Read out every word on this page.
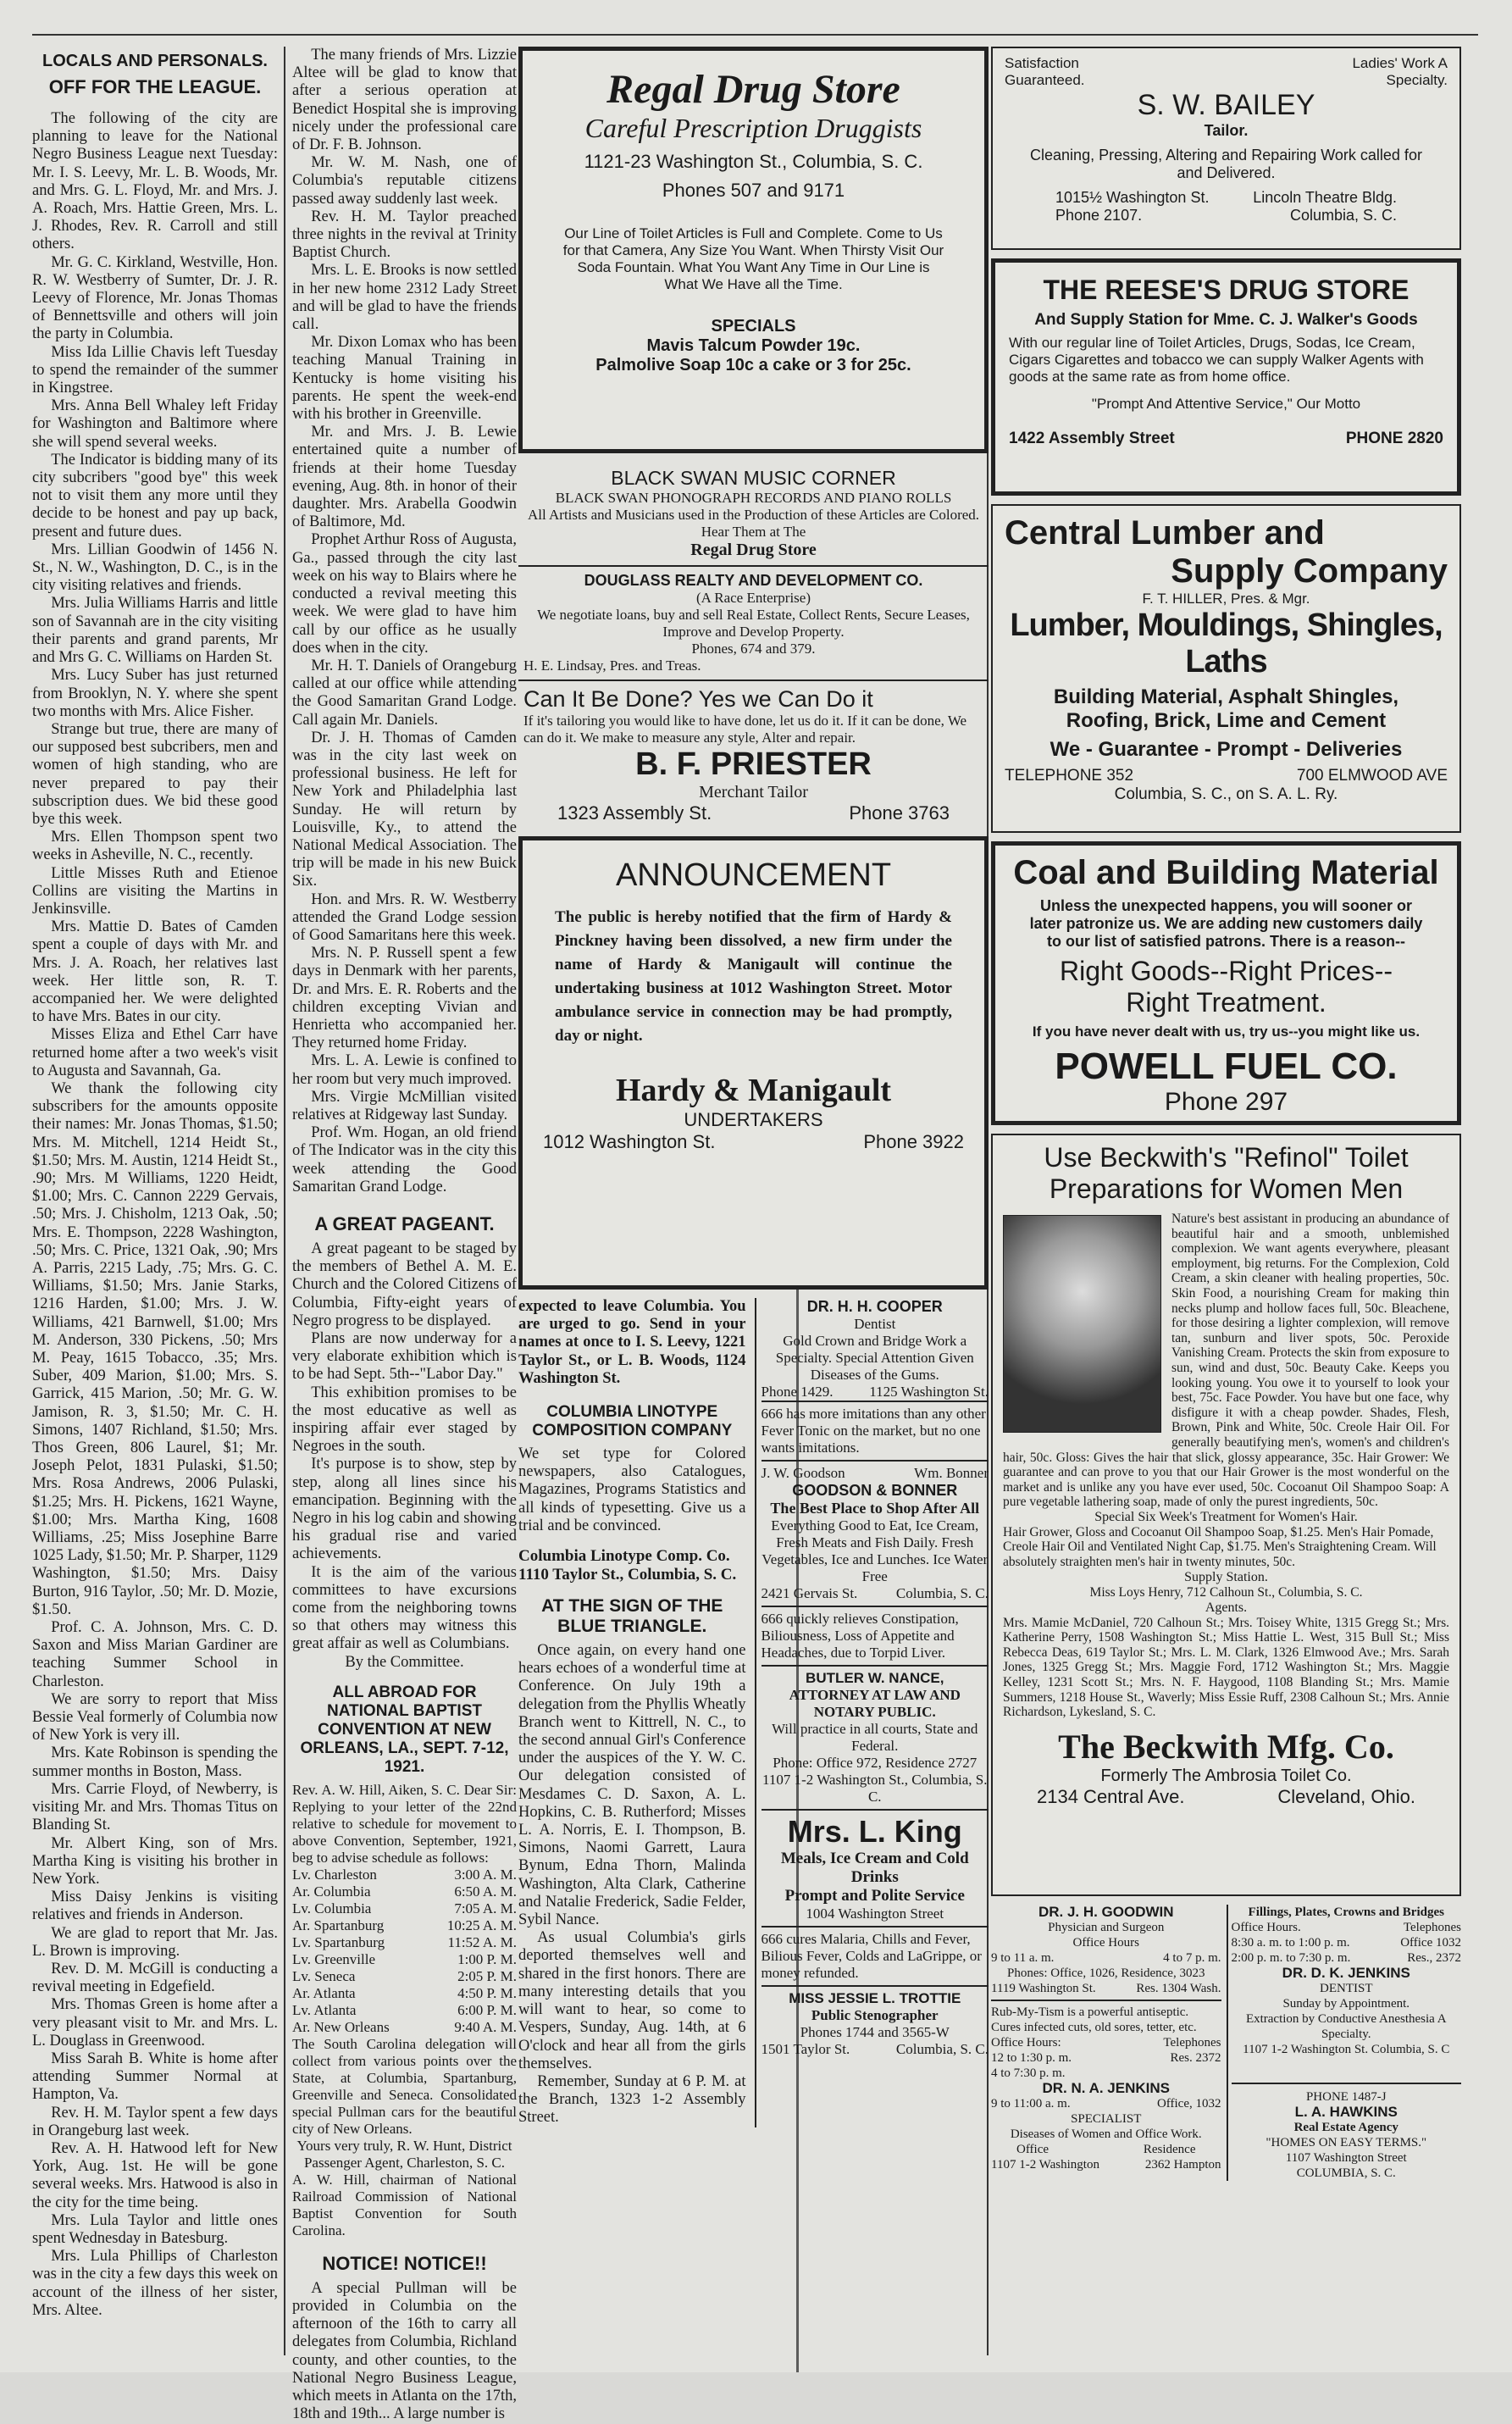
LOCALS AND PERSONALS.
OFF FOR THE LEAGUE.

The following of the city are planning to leave for the National Negro Business League next Tuesday: Mr. I. S. Leevy, Mr. L. B. Woods, Mr. and Mrs. G. L. Floyd, Mr. and Mrs. J. A. Roach, Mrs. Hattie Green, Mrs. L. J. Rhodes, Rev. R. Carroll and still others.

Mr. G. C. Kirkland, Westville, Hon. R. W. Westberry of Sumter, Dr. J. R. Leevy of Florence, Mr. Jonas Thomas of Bennettsville and others will join the party in Columbia.

Miss Ida Lillie Chavis left Tuesday to spend the remainder of the summer in Kingstree.

Mrs. Anna Bell Whaley left Friday for Washington and Baltimore where she will spend several weeks.

The Indicator is bidding many of its city subcribers "good bye" this week not to visit them any more until they decide to be honest and pay up back, present and future dues.

Mrs. Lillian Goodwin of 1456 N. St., N. W., Washington, D. C., is in the city visiting relatives and friends.

Mrs. Julia Williams Harris and little son of Savannah are in the city visiting their parents and grand parents, Mr and Mrs G. C. Williams on Harden St.

Mrs. Lucy Suber has just returned from Brooklyn, N. Y. where she spent two months with Mrs. Alice Fisher.

Strange but true, there are many of our supposed best subcribers, men and women of high standing, who are never prepared to pay their subscription dues. We bid these good bye this week.

Mrs. Ellen Thompson spent two weeks in Asheville, N. C., recently.

Little Misses Ruth and Etienoe Collins are visiting the Martins in Jenkinsville.

Mrs. Mattie D. Bates of Camden spent a couple of days with Mr. and Mrs. J. A. Roach, her relatives last week. Her little son, R. T. accompanied her. We were delighted to have Mrs. Bates in our city.

Misses Eliza and Ethel Carr have returned home after a two week's visit to Augusta and Savannah, Ga.

We thank the following city subscribers for the amounts opposite their names: Mr. Jonas Thomas, $1.50; Mrs. M. Mitchell, 1214 Heidt St., $1.50; Mrs. M. Austin, 1214 Heidt St., .90; Mrs. M Williams, 1220 Heidt, $1.00; Mrs. C. Cannon 2229 Gervais, .50; Mrs. J. Chisholm, 1213 Oak, .50; Mrs. E. Thompson, 2228 Washington, .50; Mrs. C. Price, 1321 Oak, .90; Mrs A. Parris, 2215 Lady, .75; Mrs. G. C. Williams, $1.50; Mrs. Janie Starks, 1216 Harden, $1.00; Mrs. J. W. Williams, 421 Barnwell, $1.00; Mrs M. Anderson, 330 Pickens, .50; Mrs M. Peay, 1615 Tobacco, .35; Mrs. Suber, 409 Marion, $1.00; Mrs. S. Garrick, 415 Marion, .50; Mr. G. W. Jamison, R. 3, $1.50; Mr. C. H. Simons, 1407 Richland, $1.50; Mrs. Thos Green, 806 Laurel, $1; Mr. Joseph Pelot, 1831 Pulaski, $1.50; Mrs. Rosa Andrews, 2006 Pulaski, $1.25; Mrs. H. Pickens, 1621 Wayne, $1.00; Mrs. Martha King, 1608 Williams, .25; Miss Josephine Barre 1025 Lady, $1.50; Mr. P. Sharper, 1129 Washington, $1.50; Mrs. Daisy Burton, 916 Taylor, .50; Mr. D. Mozie, $1.50.

Prof. C. A. Johnson, Mrs. C. D. Saxon and Miss Marian Gardiner are teaching Summer School in Charleston.

We are sorry to report that Miss Bessie Veal formerly of Columbia now of New York is very ill.

Mrs. Kate Robinson is spending the summer months in Boston, Mass.

Mrs. Carrie Floyd, of Newberry, is visiting Mr. and Mrs. Thomas Titus on Blanding St.

Mr. Albert King, son of Mrs. Martha King is visiting his brother in New York.

Miss Daisy Jenkins is visiting relatives and friends in Anderson.

We are glad to report that Mr. Jas. L. Brown is improving.

Rev. D. M. McGill is conducting a revival meeting in Edgefield.

Mrs. Thomas Green is home after a very pleasant visit to Mr. and Mrs. L. L. Douglass in Greenwood.

Miss Sarah B. White is home after attending Summer Normal at Hampton, Va.

Rev. H. M. Taylor spent a few days in Orangeburg last week.

Rev. A. H. Hatwood left for New York, Aug. 1st. He will be gone several weeks. Mrs. Hatwood is also in the city for the time being.

Mrs. Lula Taylor and little ones spent Wednesday in Batesburg.

Mrs. Lula Phillips of Charleston was in the city a few days this week on account of the illness of her sister, Mrs. Altee.

The many friends of Mrs. Lizzie Altee will be glad to know that after a serious operation at Benedict Hospital she is improving nicely under the professional care of Dr. F. B. Johnson.

Mr. W. M. Nash, one of Columbia's reputable citizens passed away suddenly last week.

Rev. H. M. Taylor preached three nights in the revival at Trinity Baptist Church.

Mrs. L. E. Brooks is now settled in her new home 2312 Lady Street and will be glad to have the friends call.

Mr. Dixon Lomax who has been teaching Manual Training in Kentucky is home visiting his parents. He spent the week-end with his brother in Greenville.

Mr. and Mrs. J. B. Lewie entertained quite a number of friends at their home Tuesday evening, Aug. 8th. in honor of their daughter. Mrs. Arabella Goodwin of Baltimore, Md.

Prophet Arthur Ross of Augusta, Ga., passed through the city last week on his way to Blairs where he conducted a revival meeting this week. We were glad to have him call by our office as he usually does when in the city.

Mr. H. T. Daniels of Orangeburg called at our office while attending the Good Samaritan Grand Lodge. Call again Mr. Daniels.

Dr. J. H. Thomas of Camden was in the city last week on professional business. He left for New York and Philadelphia last Sunday. He will return by Louisville, Ky., to attend the National Medical Association. The trip will be made in his new Buick Six.

Hon. and Mrs. R. W. Westberry attended the Grand Lodge session of Good Samaritans here this week.

Mrs. N. P. Russell spent a few days in Denmark with her parents, Dr. and Mrs. E. R. Roberts and the children excepting Vivian and Henrietta who accompanied her. They returned home Friday.

Mrs. L. A. Lewie is confined to her room but very much improved.

Mrs. Virgie McMillian visited relatives at Ridgeway last Sunday.

Prof. Wm. Hogan, an old friend of The Indicator was in the city this week attending the Good Samaritan Grand Lodge.

A GREAT PAGEANT.

A great pageant to be staged by the members of Bethel A. M. E. Church and the Colored Citizens of Columbia, Fifty-eight years of Negro progress to be displayed.

Plans are now underway for a very elaborate exhibition which is to be had Sept. 5th--"Labor Day."

This exhibition promises to be the most educative as well as inspiring affair ever staged by Negroes in the south.

It's purpose is to show, step by step, along all lines since his emancipation. Beginning with the Negro in his log cabin and showing his gradual rise and varied achievements.

It is the aim of the various committees to have excursions come from the neighboring towns so that others may witness this great affair as well as Columbians.

By the Committee.
ALL ABROAD FOR NATIONAL BAPTIST CONVENTION AT NEW ORLEANS, LA., SEPT. 7-12, 1921.
Rev. A. W. Hill, Aiken, S. C. Dear Sir: Replying to your letter of the 22nd relative to schedule for movement to above Convention, September, 1921, beg to advise schedule as follows:
Lv. Charleston	3:00 A. M.
Ar. Columbia	6:50 A. M.
Lv. Columbia	7:05 A. M.
Ar. Spartanburg	10:25 A. M.
Lv. Spartanburg	11:52 A. M.
Lv. Greenville	1:00 P. M.
Lv. Seneca	2:05 P. M.
Ar. Atlanta	4:50 P. M.
Lv. Atlanta	6:00 P. M.
Ar. New Orleans	9:40 A. M.
The South Carolina delegation will collect from various points over the State, at Columbia, Spartanburg, Greenville and Seneca. Consolidated special Pullman cars for the beautiful city of New Orleans.
Yours very truly, R. W. Hunt, District Passenger Agent, Charleston, S. C.
A. W. Hill, chairman of National Railroad Commission of National Baptist Convention for South Carolina.
NOTICE! NOTICE!!

A special Pullman will be provided in Columbia on the afternoon of the 16th to carry all delegates from Columbia, Richland county, and other counties, to the National Negro Business League, which meets in Atlanta on the 17th, 18th and 19th... A large number is

Regal Drug Store
Careful Prescription Druggists
1121-23 Washington St., Columbia, S. C.
Phones 507 and 9171
Our Line of Toilet Articles is Full and Complete. Come to Us for that Camera, Any Size You Want. When Thirsty Visit Our Soda Fountain. What You Want Any Time in Our Line is What We Have all the Time.
SPECIALS
Mavis Talcum Powder 19c.
Palmolive Soap 10c a cake or 3 for 25c.
BLACK SWAN MUSIC CORNER
BLACK SWAN PHONOGRAPH RECORDS AND PIANO ROLLS
All Artists and Musicians used in the Production of these Articles are Colored. Hear Them at The
Regal Drug Store
DOUGLASS REALTY AND DEVELOPMENT CO.
(A Race Enterprise)
We negotiate loans, buy and sell Real Estate, Collect Rents, Secure Leases, Improve and Develop Property.
Phones, 674 and 379.
H. E. Lindsay, Pres. and Treas.
Can It Be Done? Yes we Can Do it
If it's tailoring you would like to have done, let us do it. If it can be done, We can do it. We make to measure any style, Alter and repair.
B. F. PRIESTER
Merchant Tailor
1323 Assembly St.	Phone 3763
ANNOUNCEMENT
The public is hereby notified that the firm of Hardy & Pinckney having been dissolved, a new firm under the name of Hardy & Manigault will continue the undertaking business at 1012 Washington Street. Motor ambulance service in connection may be had promptly, day or night.
Hardy & Manigault
UNDERTAKERS
1012 Washington St.	Phone 3922
expected to leave Columbia. You are urged to go. Send in your names at once to I. S. Leevy, 1221 Taylor St., or L. B. Woods, 1124 Washington St.
COLUMBIA LINOTYPE COMPOSITION COMPANY
We set type for Colored newspapers, also Catalogues, Magazines, Programs Statistics and all kinds of typesetting. Give us a trial and be convinced.
Columbia Linotype Comp. Co. 1110 Taylor St., Columbia, S. C.
AT THE SIGN OF THE BLUE TRIANGLE.

Once again, on every hand one hears echoes of a wonderful time at Conference. On July 19th a delegation from the Phyllis Wheatly Branch went to Kittrell, N. C., to the second annual Girl's Conference under the auspices of the Y. W. C. Our delegation consisted of Mesdames C. D. Saxon, A. L. Hopkins, C. B. Rutherford; Misses L. A. Norris, E. I. Thompson, B. Simons, Naomi Garrett, Laura Bynum, Edna Thorn, Malinda Washington, Alta Clark, Catherine and Natalie Frederick, Sadie Felder, Sybil Nance.

As usual Columbia's girls deported themselves well and shared in the first honors. There are many interesting details that you will want to hear, so come to Vespers, Sunday, Aug. 14th, at 6 O'clock and hear all from the girls themselves.

Remember, Sunday at 6 P. M. at the Branch, 1323 1-2 Assembly Street.

DR. H. H. COOPER
Dentist
Gold Crown and Bridge Work a Specialty. Special Attention Given Diseases of the Gums.
Phone 1429.	1125 Washington St.
666 has more imitations than any other Fever Tonic on the market, but no one wants imitations.
J. W. Goodson	Wm. Bonner
GOODSON & BONNER
The Best Place to Shop After All
Everything Good to Eat, Ice Cream, Fresh Meats and Fish Daily. Fresh Vegetables, Ice and Lunches. Ice Water Free
2421 Gervais St.	Columbia, S. C.
666 quickly relieves Constipation, Biliousness, Loss of Appetite and Headaches, due to Torpid Liver.
BUTLER W. NANCE,
ATTORNEY AT LAW AND NOTARY PUBLIC.
Will practice in all courts, State and Federal.
Phone: Office 972, Residence 2727
1107 1-2 Washington St., Columbia, S. C.
Mrs. L. King
Meals, Ice Cream and Cold Drinks
Prompt and Polite Service
1004 Washington Street
666 cures Malaria, Chills and Fever, Bilious Fever, Colds and LaGrippe, or money refunded.
MISS JESSIE L. TROTTIE
Public Stenographer
Phones 1744 and 3565-W
1501 Taylor St.	Columbia, S. C.
Satisfaction Guaranteed.
Ladies' Work A Specialty.
S. W. BAILEY
Tailor.
Cleaning, Pressing, Altering and Repairing Work called for and Delivered.
1015½ Washington St.	Lincoln Theatre Bldg.
Phone 2107.	Columbia, S. C.
THE REESE'S DRUG STORE
And Supply Station for Mme. C. J. Walker's Goods
With our regular line of Toilet Articles, Drugs, Sodas, Ice Cream, Cigars Cigarettes and tobacco we can supply Walker Agents with goods at the same rate as from home office.
"Prompt And Attentive Service," Our Motto
1422 Assembly Street	PHONE 2820
Central Lumber and
Supply Company
F. T. HILLER, Pres. & Mgr.
Lumber, Mouldings, Shingles, Laths
Building Material, Asphalt Shingles, Roofing, Brick, Lime and Cement
We - Guarantee - Prompt - Deliveries
TELEPHONE 352	700 ELMWOOD AVE
Columbia, S. C., on S. A. L. Ry.
Coal and Building Material
Unless the unexpected happens, you will sooner or later patronize us. We are adding new customers daily to our list of satisfied patrons. There is a reason--
Right Goods--Right Prices--
Right Treatment.
If you have never dealt with us, try us--you might like us.
POWELL FUEL CO.
Phone 297
Use Beckwith's "Refinol" Toilet
Preparations for Women Men
Nature's best assistant in producing an abundance of beautiful hair and a smooth, unblemished complexion. We want agents everywhere, pleasant employment, big returns. For the Complexion, Cold Cream, a skin cleaner with healing properties, 50c. Skin Food, a nourishing Cream for making thin necks plump and hollow faces full, 50c. Bleachene, for those desiring a lighter complexion, will remove tan, sunburn and liver spots, 50c. Peroxide Vanishing Cream. Protects the skin from exposure to sun, wind and dust, 50c. Beauty Cake. Keeps you looking young. You owe it to yourself to look your best, 75c. Face Powder. You have but one face, why disfigure it with a cheap powder. Shades, Flesh, Brown, Pink and White, 50c. Creole Hair Oil. For generally beautifying men's, women's and children's hair, 50c. Gloss: Gives the hair that slick, glossy appearance, 35c. Hair Grower: We guarantee and can prove to you that our Hair Grower is the most wonderful on the market and is unlike any you have ever used, 50c. Cocoanut Oil Shampoo Soap: A pure vegetable lathering soap, made of only the purest ingredients, 50c.
Special Six Week's Treatment for Women's Hair.
Hair Grower, Gloss and Cocoanut Oil Shampoo Soap, $1.25. Men's Hair Pomade, Creole Hair Oil and Ventilated Night Cap, $1.75. Men's Straightening Cream. Will absolutely straighten men's hair in twenty minutes, 50c.
Supply Station.
Miss Loys Henry, 712 Calhoun St., Columbia, S. C.
Agents.
Mrs. Mamie McDaniel, 720 Calhoun St.; Mrs. Toisey White, 1315 Gregg St.; Mrs. Katherine Perry, 1508 Washington St.; Miss Hattie L. West, 315 Bull St.; Miss Rebecca Deas, 619 Taylor St.; Mrs. L. M. Clark, 1326 Elmwood Ave.; Mrs. Sarah Jones, 1325 Gregg St.; Mrs. Maggie Ford, 1712 Washington St.; Mrs. Maggie Kelley, 1231 Scott St.; Mrs. N. F. Haygood, 1108 Blanding St.; Mrs. Mamie Summers, 1218 House St., Waverly; Miss Essie Ruff, 2308 Calhoun St.; Mrs. Annie Richardson, Lykesland, S. C.
The Beckwith Mfg. Co.
Formerly The Ambrosia Toilet Co.
2134 Central Ave.	Cleveland, Ohio.
DR. J. H. GOODWIN
Physician and Surgeon
Office Hours
9 to 11 a. m.	4 to 7 p. m.
Phones: Office, 1026, Residence, 3023
1119 Washington St.	Res. 1304 Wash.
Rub-My-Tism is a powerful antiseptic. Cures infected cuts, old sores, tetter, etc.
Office Hours:	Telephones
12 to 1:30 p. m.	Res. 2372
4 to 7:30 p. m.
DR. N. A. JENKINS
9 to 11:00 a. m.	Office, 1032
SPECIALIST
Diseases of Women and Office Work.
Office	Residence
1107 1-2 Washington	2362 Hampton
Fillings, Plates, Crowns and Bridges
Office Hours.	Telephones
8:30 a. m. to 1:00 p. m.	Office 1032
2:00 p. m. to 7:30 p. m.	Res., 2372
DR. D. K. JENKINS
DENTIST
Sunday by Appointment.
Extraction by Conductive Anesthesia A Specialty.
1107 1-2 Washington St. Columbia, S. C
PHONE 1487-J
L. A. HAWKINS
Real Estate Agency
"HOMES ON EASY TERMS."
1107 Washington Street
COLUMBIA, S. C.
